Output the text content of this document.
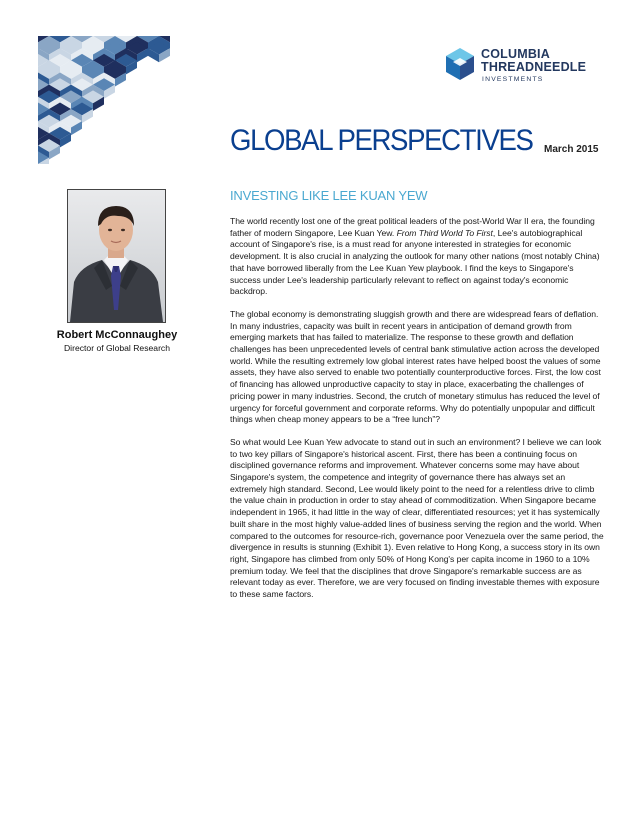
COLUMBIA
THREADNEEDLE
INVESTMENTS
GLOBAL PERSPECTIVES March 2015
Robert McConnaughey
Director of Global Research
INVESTING LIKE LEE KUAN YEW

The world recently lost one of the great political leaders of the post-World War II era, the founding father of modern Singapore, Lee Kuan Yew. From Third World To First, Lee's autobiographical account of Singapore's rise, is a must read for anyone interested in strategies for economic development. It is also crucial in analyzing the outlook for many other nations (most notably China) that have borrowed liberally from the Lee Kuan Yew playbook. I find the keys to Singapore's success under Lee's leadership particularly relevant to reflect on against today's economic backdrop.

The global economy is demonstrating sluggish growth and there are widespread fears of deflation. In many industries, capacity was built in recent years in anticipation of demand growth from emerging markets that has failed to materialize. The response to these growth and deflation challenges has been unprecedented levels of central bank stimulative action across the developed world. While the resulting extremely low global interest rates have helped boost the values of some assets, they have also served to enable two potentially counterproductive forces. First, the low cost of financing has allowed unproductive capacity to stay in place, exacerbating the challenges of pricing power in many industries. Second, the crutch of monetary stimulus has reduced the level of urgency for forceful government and corporate reforms. Why do potentially unpopular and difficult things when cheap money appears to be a “free lunch”?

So what would Lee Kuan Yew advocate to stand out in such an environment? I believe we can look to two key pillars of Singapore's historical ascent. First, there has been a continuing focus on disciplined governance reforms and improvement. Whatever concerns some may have about Singapore's system, the competence and integrity of governance there has always set an extremely high standard. Second, Lee would likely point to the need for a relentless drive to climb the value chain in production in order to stay ahead of commoditization. When Singapore became independent in 1965, it had little in the way of clear, differentiated resources; yet it has systemically built share in the most highly value-added lines of business serving the region and the world. When compared to the outcomes for resource-rich, governance poor Venezuela over the same period, the divergence in results is stunning (Exhibit 1). Even relative to Hong Kong, a success story in its own right, Singapore has climbed from only 50% of Hong Kong's per capita income in 1960 to a 10% premium today. We feel that the disciplines that drove Singapore's remarkable success are as relevant today as ever. Therefore, we are very focused on finding investable themes with exposure to these same factors.
